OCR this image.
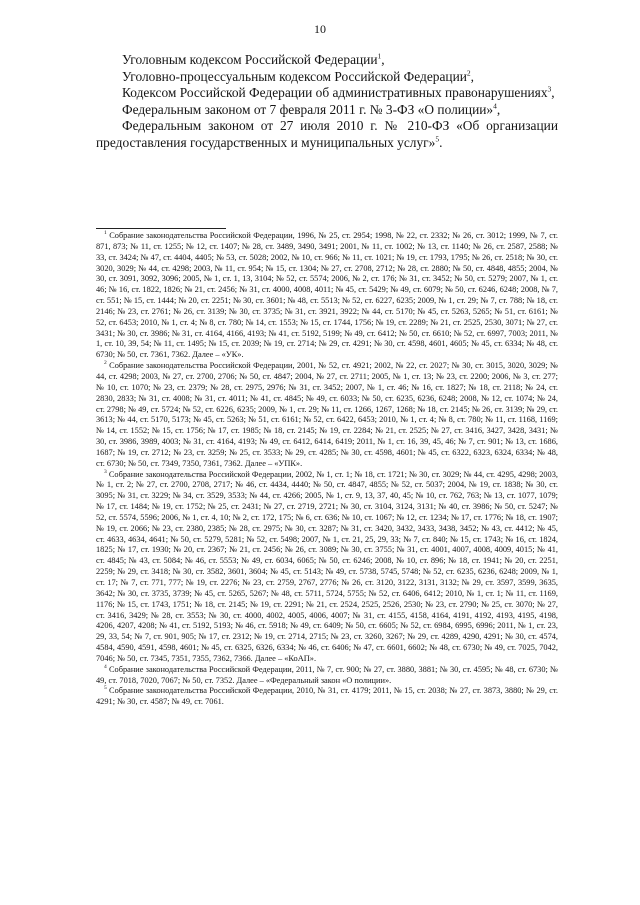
10

Уголовным кодексом Российской Федерации$^1$,

Уголовно-процессуальным кодексом Российской Федерации$^2$,

Кодексом Российской Федерации об административных правонарушениях$^3$,

Федеральным законом от 7 февраля 2011 г. № 3-ФЗ «О полиции»$^4$,

Федеральным законом от 27 июля 2010 г. № 210-ФЗ «Об организации предоставления государственных и муниципальных услуг»$^5$.

$^1$ Собрание законодательства Российской Федерации, 1996, № 25, ст. 2954; 1998, № 22, ст. 2332; № 26, ст. 3012; 1999, № 7, ст. 871, 873; № 11, ст. 1255; № 12, ст. 1407; № 28, ст. 3489, 3490, 3491; 2001, № 11, ст. 1002; № 13, ст. 1140; № 26, ст. 2587, 2588; № 33, ст. 3424; № 47, ст. 4404, 4405; № 53, ст. 5028; 2002, № 10, ст. 966; № 11, ст. 1021; № 19, ст. 1793, 1795; № 26, ст. 2518; № 30, ст. 3020, 3029; № 44, ст. 4298; 2003, № 11, ст. 954; № 15, ст. 1304; № 27, ст. 2708, 2712; № 28, ст. 2880; № 50, ст. 4848, 4855; 2004, № 30, ст. 3091, 3092, 3096; 2005, № 1, ст. 1, 13, 3104; № 52, ст. 5574; 2006, № 2, ст. 176; № 31, ст. 3452; № 50, ст. 5279; 2007, № 1, ст. 46; № 16, ст. 1822, 1826; № 21, ст. 2456; № 31, ст. 4000, 4008, 4011; № 45, ст. 5429; № 49, ст. 6079; № 50, ст. 6246, 6248; 2008, № 7, ст. 551; № 15, ст. 1444; № 20, ст. 2251; № 30, ст. 3601; № 48, ст. 5513; № 52, ст. 6227, 6235; 2009, № 1, ст. 29; № 7, ст. 788; № 18, ст. 2146; № 23, ст. 2761; № 26, ст. 3139; № 30, ст. 3735; № 31, ст. 3921, 3922; № 44, ст. 5170; № 45, ст. 5263, 5265; № 51, ст. 6161; № 52, ст. 6453; 2010, № 1, ст. 4; № 8, ст. 780; № 14, ст. 1553; № 15, ст. 1744, 1756; № 19, ст. 2289; № 21, ст. 2525, 2530, 3071; № 27, ст. 3431; № 30, ст. 3986; № 31, ст. 4164, 4166, 4193; № 41, ст. 5192, 5199; № 49, ст. 6412; № 50, ст. 6610; № 52, ст. 6997, 7003; 2011, № 1, ст. 10, 39, 54; № 11, ст. 1495; № 15, ст. 2039; № 19, ст. 2714; № 29, ст. 4291; № 30, ст. 4598, 4601, 4605; № 45, ст. 6334; № 48, ст. 6730; № 50, ст. 7361, 7362. Далее – «УК».

$^2$ Собрание законодательства Российской Федерации, 2001, № 52, ст. 4921; 2002, № 22, ст. 2027; № 30, ст. 3015, 3020, 3029; № 44, ст. 4298; 2003, № 27, ст. 2700, 2706; № 50, ст. 4847; 2004, № 27, ст. 2711; 2005, № 1, ст. 13; № 23, ст. 2200; 2006, № 3, ст. 277; № 10, ст. 1070; № 23, ст. 2379; № 28, ст. 2975, 2976; № 31, ст. 3452; 2007, № 1, ст. 46; № 16, ст. 1827; № 18, ст. 2118; № 24, ст. 2830, 2833; № 31, ст. 4008; № 31, ст. 4011; № 41, ст. 4845; № 49, ст. 6033; № 50, ст. 6235, 6236, 6248; 2008, № 12, ст. 1074; № 24, ст. 2798; № 49, ст. 5724; № 52, ст. 6226, 6235; 2009, № 1, ст. 29; № 11, ст. 1266, 1267, 1268; № 18, ст. 2145; № 26, ст. 3139; № 29, ст. 3613; № 44, ст. 5170, 5173; № 45, ст. 5263; № 51, ст. 6161; № 52, ст. 6422, 6453; 2010, № 1, ст. 4; № 8, ст. 780; № 11, ст. 1168, 1169; № 14, ст. 1552; № 15, ст. 1756; № 17, ст. 1985; № 18, ст. 2145; № 19, ст. 2284; № 21, ст. 2525; № 27, ст. 3416, 3427, 3428, 3431; № 30, ст. 3986, 3989, 4003; № 31, ст. 4164, 4193; № 49, ст. 6412, 6414, 6419; 2011, № 1, ст. 16, 39, 45, 46; № 7, ст. 901; № 13, ст. 1686, 1687; № 19, ст. 2712; № 23, ст. 3259; № 25, ст. 3533; № 29, ст. 4285; № 30, ст. 4598, 4601; № 45, ст. 6322, 6323, 6324, 6334; № 48, ст. 6730; № 50, ст. 7349, 7350, 7361, 7362. Далее – «УПК».

$^3$ Собрание законодательства Российской Федерации, 2002, № 1, ст. 1; № 18, ст. 1721; № 30, ст. 3029; № 44, ст. 4295, 4298; 2003, № 1, ст. 2; № 27, ст. 2700, 2708, 2717; № 46, ст. 4434, 4440; № 50, ст. 4847, 4855; № 52, ст. 5037; 2004, № 19, ст. 1838; № 30, ст. 3095; № 31, ст. 3229; № 34, ст. 3529, 3533; № 44, ст. 4266; 2005, № 1, ст. 9, 13, 37, 40, 45; № 10, ст. 762, 763; № 13, ст. 1077, 1079; № 17, ст. 1484; № 19, ст. 1752; № 25, ст. 2431; № 27, ст. 2719, 2721; № 30, ст. 3104, 3124, 3131; № 40, ст. 3986; № 50, ст. 5247; № 52, ст. 5574, 5596; 2006, № 1, ст. 4, 10; № 2, ст. 172, 175; № 6, ст. 636; № 10, ст. 1067; № 12, ст. 1234; № 17, ст. 1776; № 18, ст. 1907; № 19, ст. 2066; № 23, ст. 2380, 2385; № 28, ст. 2975; № 30, ст. 3287; № 31, ст. 3420, 3432, 3433, 3438, 3452; № 43, ст. 4412; № 45, ст. 4633, 4634, 4641; № 50, ст. 5279, 5281; № 52, ст. 5498; 2007, № 1, ст. 21, 25, 29, 33; № 7, ст. 840; № 15, ст. 1743; № 16, ст. 1824, 1825; № 17, ст. 1930; № 20, ст. 2367; № 21, ст. 2456; № 26, ст. 3089; № 30, ст. 3755; № 31, ст. 4001, 4007, 4008, 4009, 4015; № 41, ст. 4845; № 43, ст. 5084; № 46, ст. 5553; № 49, ст. 6034, 6065; № 50, ст. 6246; 2008, № 10, ст. 896; № 18, ст. 1941; № 20, ст. 2251, 2259; № 29, ст. 3418; № 30, ст. 3582, 3601, 3604; № 45, ст. 5143; № 49, ст. 5738, 5745, 5748; № 52, ст. 6235, 6236, 6248; 2009, № 1, ст. 17; № 7, ст. 771, 777; № 19, ст. 2276; № 23, ст. 2759, 2767, 2776; № 26, ст. 3120, 3122, 3131, 3132; № 29, ст. 3597, 3599, 3635, 3642; № 30, ст. 3735, 3739; № 45, ст. 5265, 5267; № 48, ст. 5711, 5724, 5755; № 52, ст. 6406, 6412; 2010, № 1, ст. 1; № 11, ст. 1169, 1176; № 15, ст. 1743, 1751; № 18, ст. 2145; № 19, ст. 2291; № 21, ст. 2524, 2525, 2526, 2530; № 23, ст. 2790; № 25, ст. 3070; № 27, ст. 3416, 3429; № 28, ст. 3553; № 30, ст. 4000, 4002, 4005, 4006, 4007; № 31, ст. 4155, 4158, 4164, 4191, 4192, 4193, 4195, 4198, 4206, 4207, 4208; № 41, ст. 5192, 5193; № 46, ст. 5918; № 49, ст. 6409; № 50, ст. 6605; № 52, ст. 6984, 6995, 6996; 2011, № 1, ст. 23, 29, 33, 54; № 7, ст. 901, 905; № 17, ст. 2312; № 19, ст. 2714, 2715; № 23, ст. 3260, 3267; № 29, ст. 4289, 4290, 4291; № 30, ст. 4574, 4584, 4590, 4591, 4598, 4601; № 45, ст. 6325, 6326, 6334; № 46, ст. 6406; № 47, ст. 6601, 6602; № 48, ст. 6730; № 49, ст. 7025, 7042, 7046; № 50, ст. 7345, 7351, 7355, 7362, 7366. Далее – «КоАП».

$^4$ Собрание законодательства Российской Федерации, 2011, № 7, ст. 900; № 27, ст. 3880, 3881; № 30, ст. 4595; № 48, ст. 6730; № 49, ст. 7018, 7020, 7067; № 50, ст. 7352. Далее – «Федеральный закон «О полиции».

$^5$ Собрание законодательства Российской Федерации, 2010, № 31, ст. 4179; 2011, № 15, ст. 2038; № 27, ст. 3873, 3880; № 29, ст. 4291; № 30, ст. 4587; № 49, ст. 7061.
